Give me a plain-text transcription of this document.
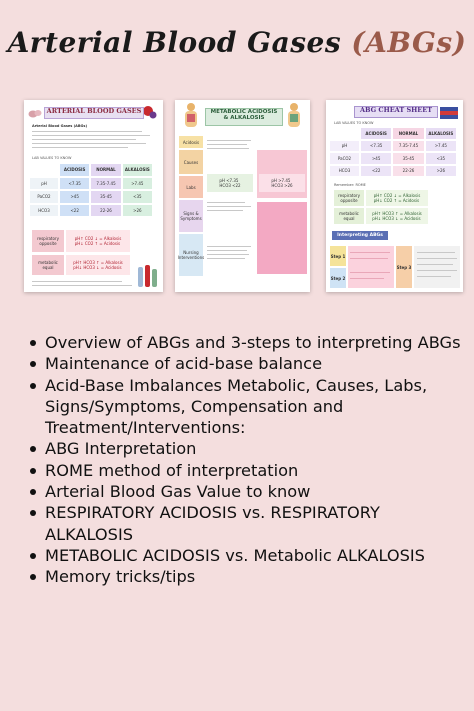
Arterial Blood Gases (ABGs)
ARTERIAL BLOOD GASES
Arterial Blood Gases (ABGs)
LAB VALUES TO KNOW
ACIDOSIS	NORMAL	ALKALOSIS
pH	<7.35	7.35-7.45	>7.45
PaCO2	>45	35-45	<35
HCO3	<22	22-26	>26
respiratory
opposite
pH↑ CO2 ↓ = Alkalosis
pH↓ CO2 ↑ = Acidosis
metabolic
equal
pH↑ HCO3 ↑ = Alkalosis
pH↓ HCO3 ↓ = Acidosis
METABOLIC ACIDOSIS
& ALKALOSIS
Acidosis
Causes
Labs
Signs &
Symptoms
Nursing
Interventions
pH <7.35
HCO3 <22
pH >7.45
HCO3 >26
ABG CHEAT SHEET
LAB VALUES TO KNOW
ACIDOSIS	NORMAL	ALKALOSIS
pH	<7.35	7.35-7.45	>7.45
PaCO2	>45	35-45	<35
HCO3	<22	22-26	>26
Remember: ROME
respiratory
opposite
pH↑ CO2 ↓ = Alkalosis
pH↓ CO2 ↑ = Acidosis
metabolic
equal
pH↑ HCO3 ↑ = Alkalosis
pH↓ HCO3 ↓ = Acidosis
Interpreting ABGs
Step 1
Step 2
Step 3
Overview of ABGs and 3-steps to interpreting ABGs
Maintenance of acid-base balance
Acid-Base Imbalances Metabolic, Causes, Labs, Signs/Symptoms, Compensation and Treatment/Interventions:
ABG Interpretation
ROME method of interpretation
Arterial Blood Gas Value to know
RESPIRATORY ACIDOSIS vs. RESPIRATORY ALKALOSIS
METABOLIC ACIDOSIS vs. Metabolic ALKALOSIS
Memory tricks/tips
